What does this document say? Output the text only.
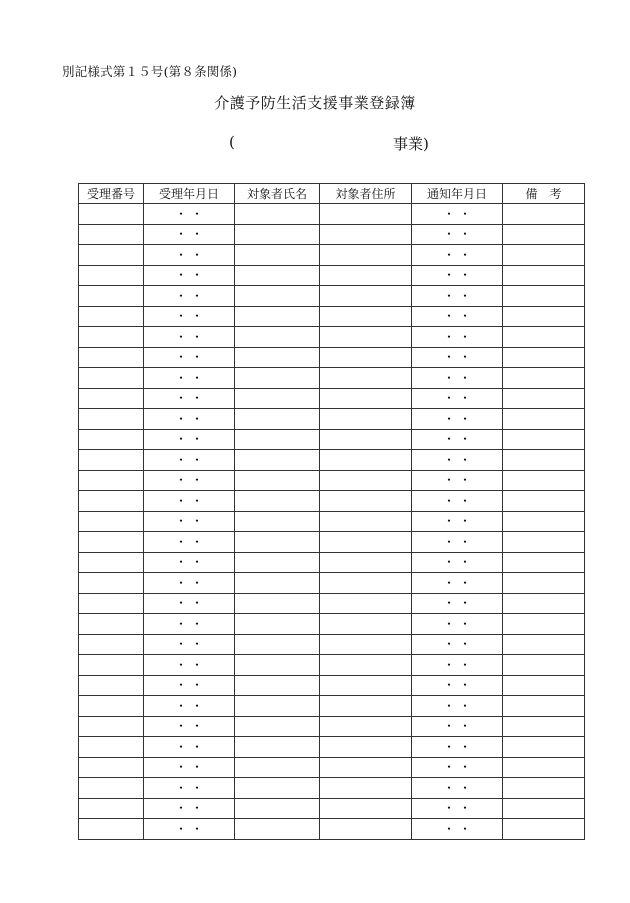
別記様式第１５号(第８条関係)
介護予防生活支援事業登録簿
(	事業)
受理番号	受理年月日	対象者氏名	対象者住所	通知年月日	備　考

	・ ・			・ ・	

	・ ・			・ ・	

	・ ・			・ ・	

	・ ・			・ ・	

	・ ・			・ ・	

	・ ・			・ ・	

	・ ・			・ ・	

	・ ・			・ ・	

	・ ・			・ ・	

	・ ・			・ ・	

	・ ・			・ ・	

	・ ・			・ ・	

	・ ・			・ ・	

	・ ・			・ ・	

	・ ・			・ ・	

	・ ・			・ ・	

	・ ・			・ ・	

	・ ・			・ ・	

	・ ・			・ ・	

	・ ・			・ ・	

	・ ・			・ ・	

	・ ・			・ ・	

	・ ・			・ ・	

	・ ・			・ ・	

	・ ・			・ ・	

	・ ・			・ ・	

	・ ・			・ ・	

	・ ・			・ ・	

	・ ・			・ ・	

	・ ・			・ ・	

	・ ・			・ ・	
